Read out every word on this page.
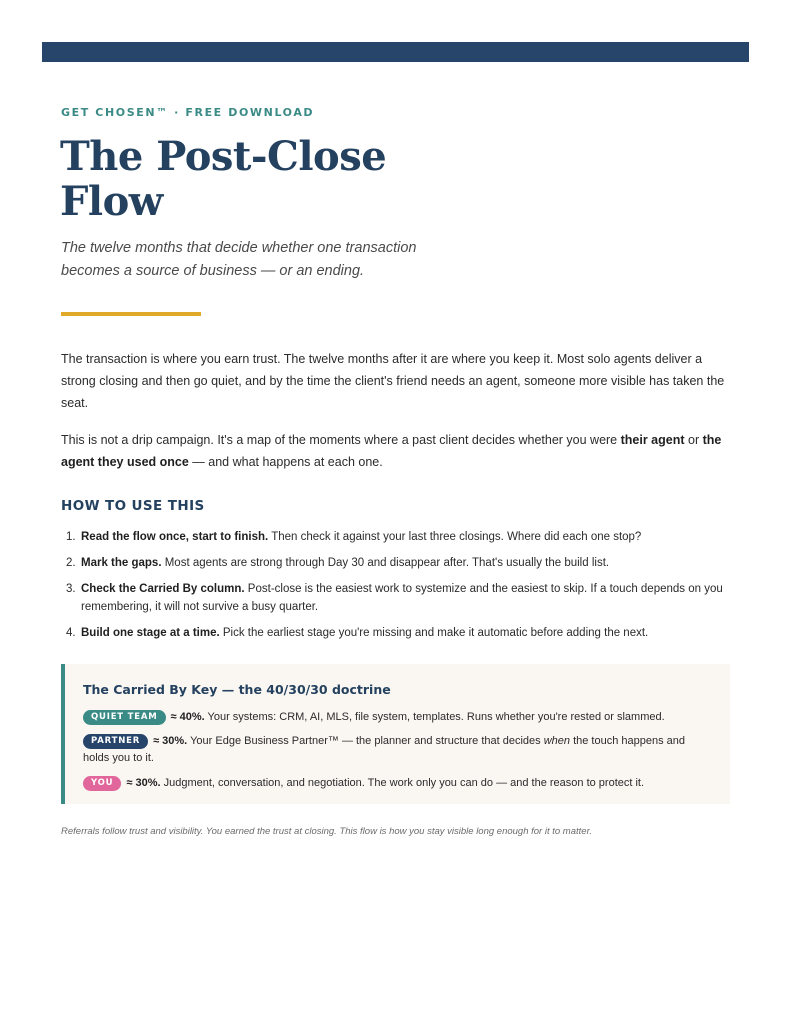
GET CHOSEN™ · FREE DOWNLOAD
The Post-Close Flow
The twelve months that decide whether one transaction
becomes a source of business — or an ending.

The transaction is where you earn trust. The twelve months after it are where you keep it. Most solo agents deliver a strong closing and then go quiet, and by the time the client's friend needs an agent, someone more visible has taken the seat.

This is not a drip campaign. It's a map of the moments where a past client decides whether you were their agent or the agent they used once — and what happens at each one.

HOW TO USE THIS
1. Read the flow once, start to finish. Then check it against your last three closings. Where did each one stop?
2. Mark the gaps. Most agents are strong through Day 30 and disappear after. That's usually the build list.
3. Check the Carried By column. Post-close is the easiest work to systemize and the easiest to skip. If a touch depends on you remembering, it will not survive a busy quarter.
4. Build one stage at a time. Pick the earliest stage you're missing and make it automatic before adding the next.
The Carried By Key — the 40/30/30 doctrine
QUIET TEAM ≈ 40%. Your systems: CRM, AI, MLS, file system, templates. Runs whether you're rested or slammed.
PARTNER ≈ 30%. Your Edge Business Partner™ — the planner and structure that decides when the touch happens and holds you to it.
YOU ≈ 30%. Judgment, conversation, and negotiation. The work only you can do — and the reason to protect it.
Referrals follow trust and visibility. You earned the trust at closing. This flow is how you stay visible long enough for it to matter.
